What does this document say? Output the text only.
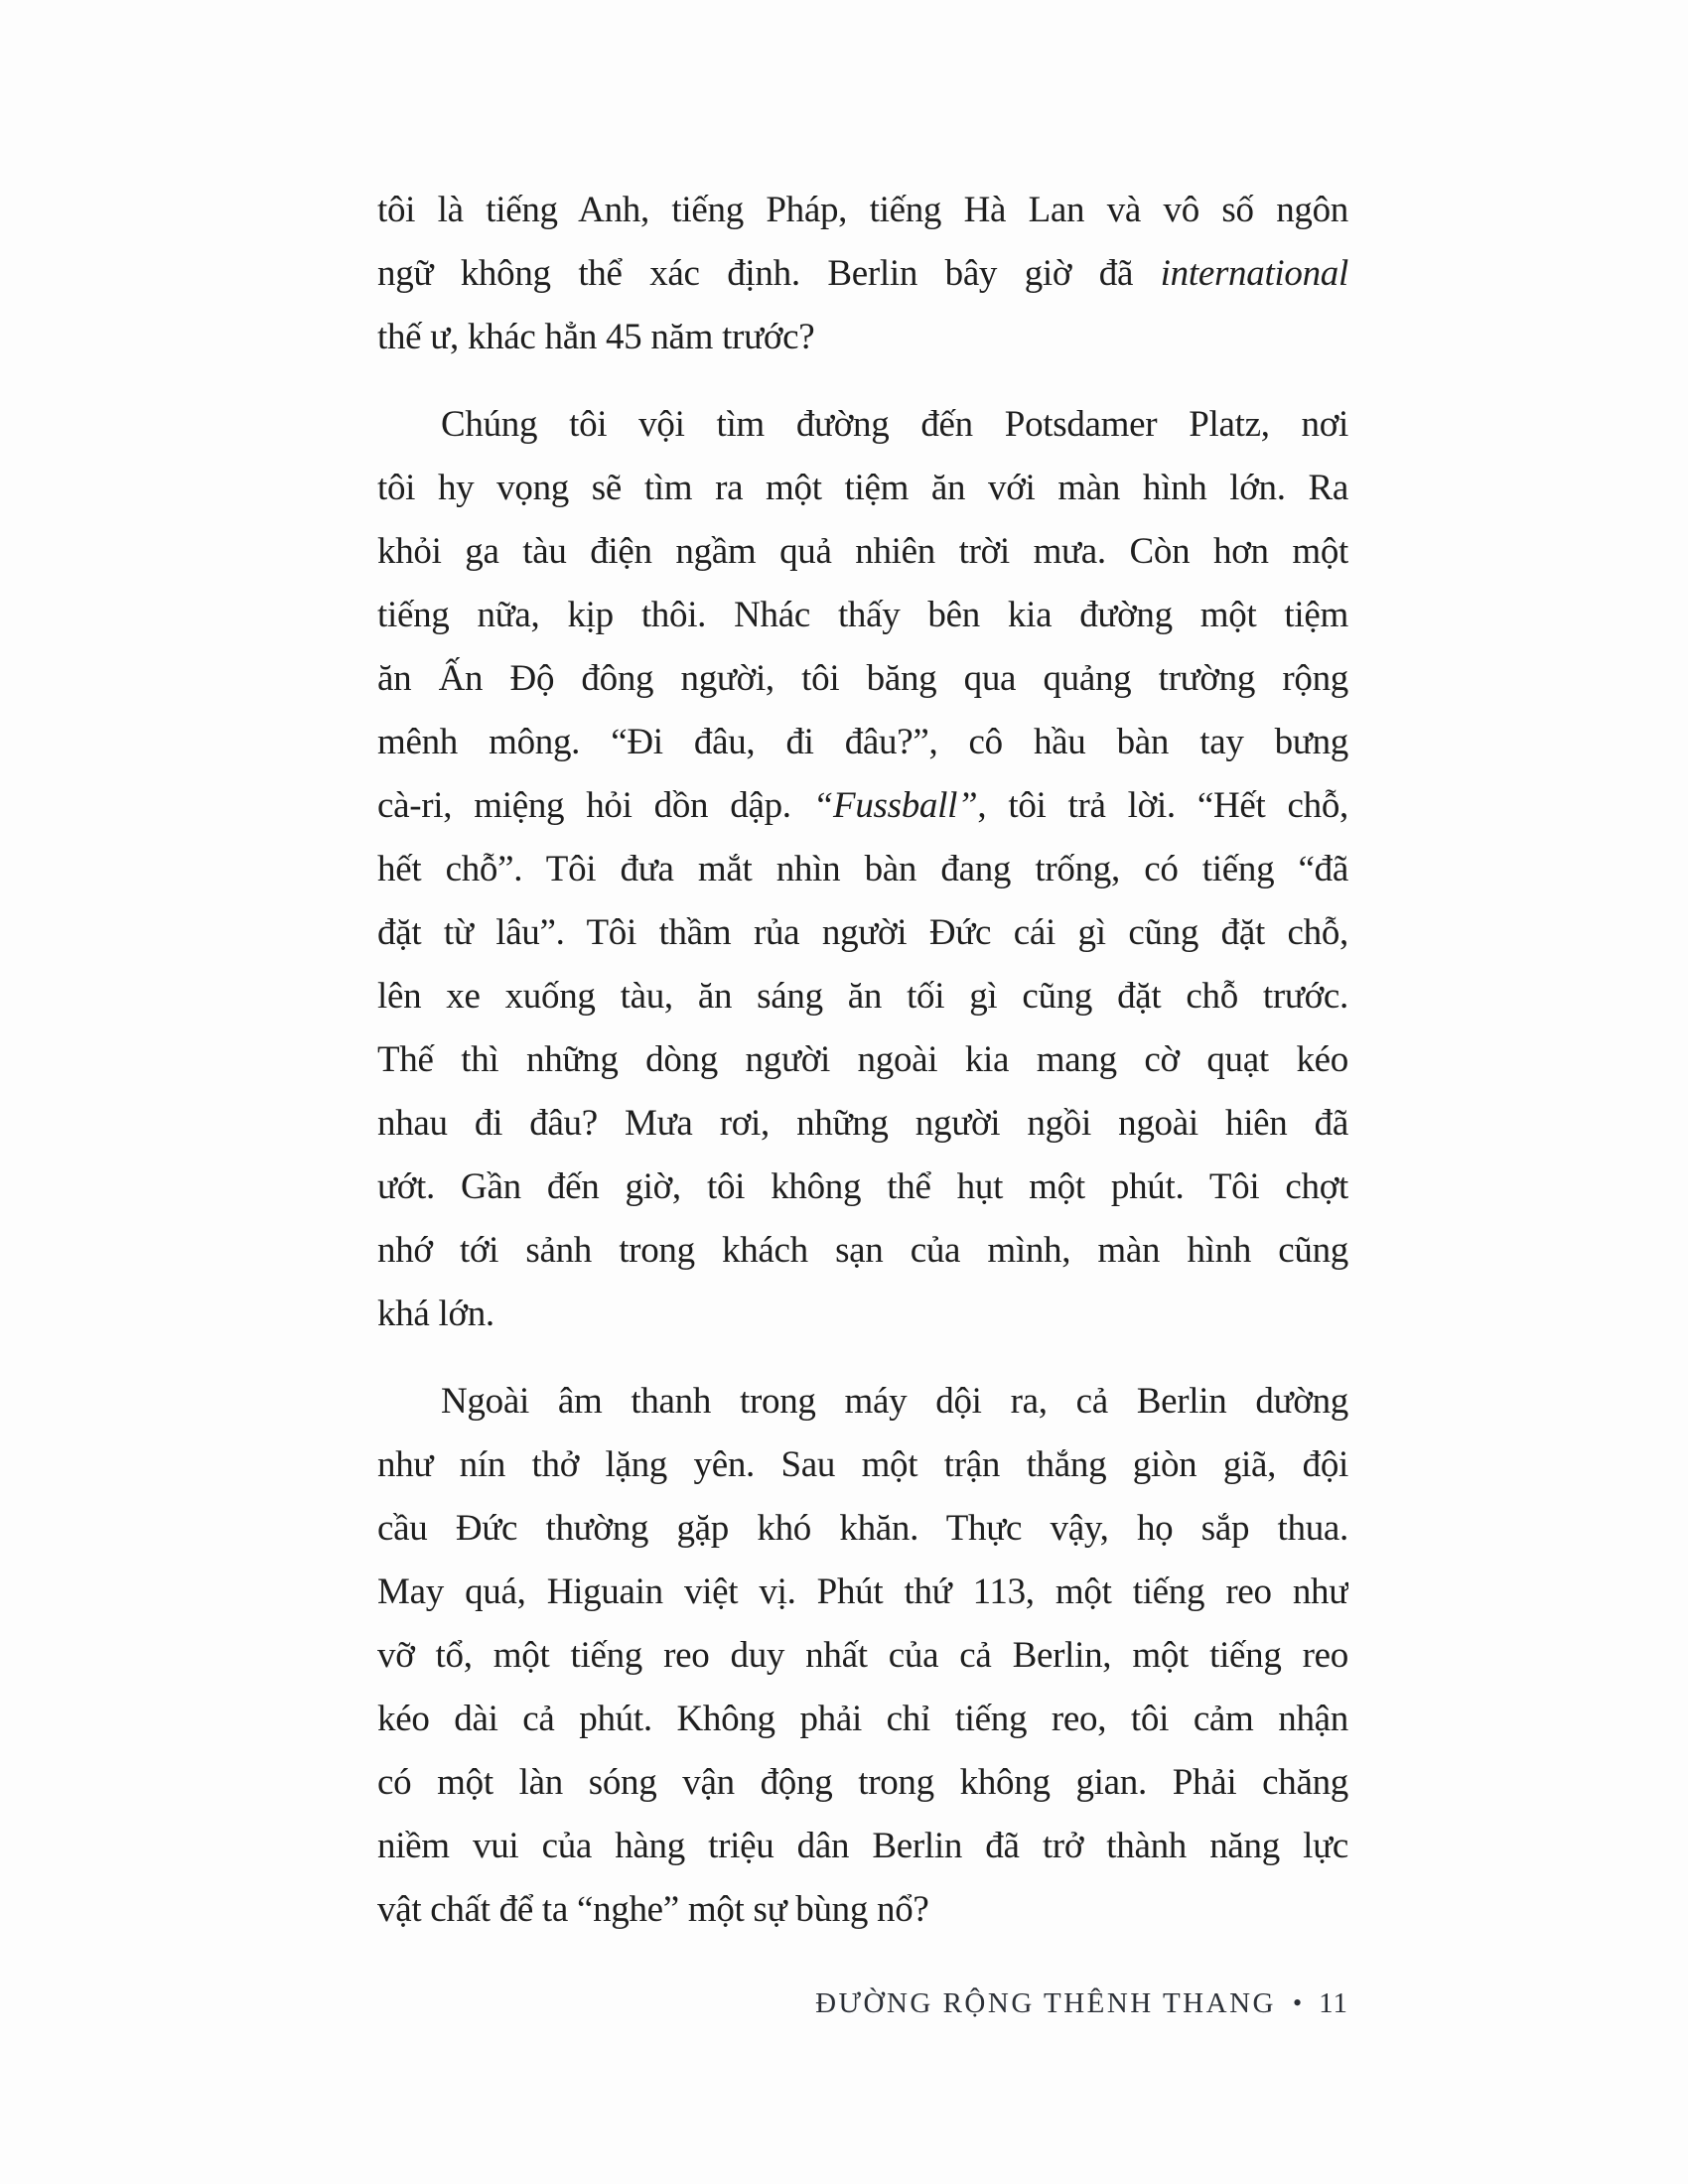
tôi là tiếng Anh, tiếng Pháp, tiếng Hà Lan và vô số ngôn
ngữ không thể xác định. Berlin bây giờ đã international
thế ư, khác hẳn 45 năm trước?
Chúng tôi vội tìm đường đến Potsdamer Platz, nơi
tôi hy vọng sẽ tìm ra một tiệm ăn với màn hình lớn. Ra
khỏi ga tàu điện ngầm quả nhiên trời mưa. Còn hơn một
tiếng nữa, kịp thôi. Nhác thấy bên kia đường một tiệm
ăn Ấn Độ đông người, tôi băng qua quảng trường rộng
mênh mông. “Đi đâu, đi đâu?”, cô hầu bàn tay bưng
cà-ri, miệng hỏi dồn dập. “Fussball”, tôi trả lời. “Hết chỗ,
hết chỗ”. Tôi đưa mắt nhìn bàn đang trống, có tiếng “đã
đặt từ lâu”. Tôi thầm rủa người Đức cái gì cũng đặt chỗ,
lên xe xuống tàu, ăn sáng ăn tối gì cũng đặt chỗ trước.
Thế thì những dòng người ngoài kia mang cờ quạt kéo
nhau đi đâu? Mưa rơi, những người ngồi ngoài hiên đã
ướt. Gần đến giờ, tôi không thể hụt một phút. Tôi chợt
nhớ tới sảnh trong khách sạn của mình, màn hình cũng
khá lớn.
Ngoài âm thanh trong máy dội ra, cả Berlin dường
như nín thở lặng yên. Sau một trận thắng giòn giã, đội
cầu Đức thường gặp khó khăn. Thực vậy, họ sắp thua.
May quá, Higuain việt vị. Phút thứ 113, một tiếng reo như
vỡ tổ, một tiếng reo duy nhất của cả Berlin, một tiếng reo
kéo dài cả phút. Không phải chỉ tiếng reo, tôi cảm nhận
có một làn sóng vận động trong không gian. Phải chăng
niềm vui của hàng triệu dân Berlin đã trở thành năng lực
vật chất để ta “nghe” một sự bùng nổ?
ĐƯỜNG RỘNG THÊNH THANG • 11
